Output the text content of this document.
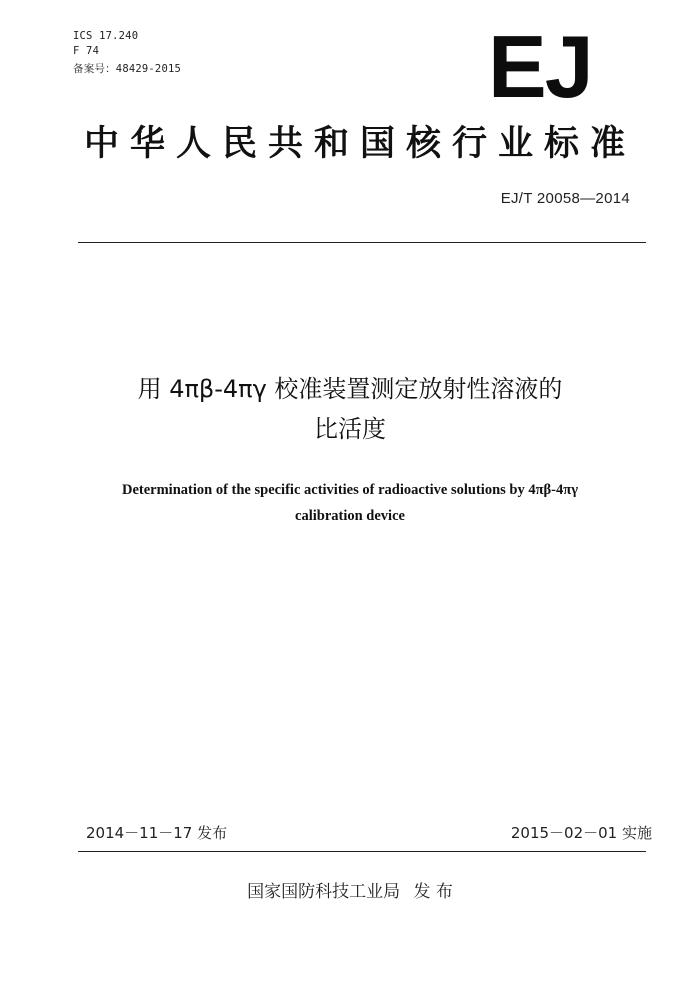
ICS 17.240
F 74
备案号：48429-2015	EJ
中华人民共和国核行业标准
EJ/T 20058—2014
用 4πβ-4πγ 校准装置测定放射性溶液的
比活度
Determination of the specific activities of radioactive solutions by 4πβ-4πγ
calibration device
2014－11－17 发布	2015－02－01 实施
国家国防科技工业局 发 布
